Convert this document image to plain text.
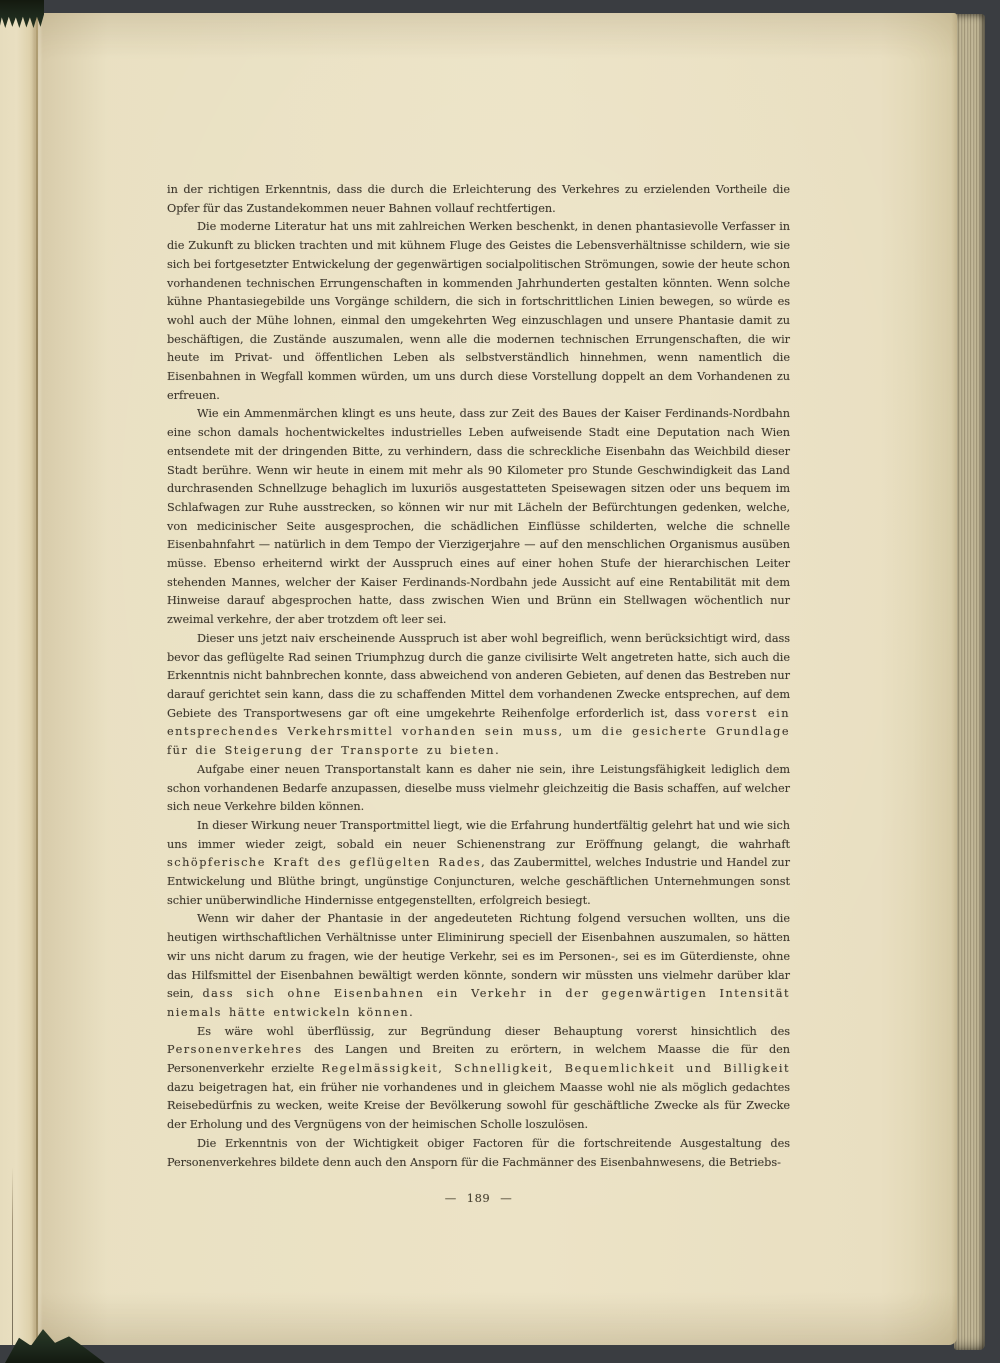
in der richtigen Erkenntnis, dass die durch die Erleichterung des Verkehres zu erzielenden Vortheile die Opfer für das Zustandekommen neuer Bahnen vollauf rechtfertigen.

Die moderne Literatur hat uns mit zahlreichen Werken beschenkt, in denen phantasievolle Verfasser in die Zukunft zu blicken trachten und mit kühnem Fluge des Geistes die Lebensverhältnisse schildern, wie sie sich bei fortgesetzter Entwickelung der gegenwärtigen socialpolitischen Strömungen, sowie der heute schon vorhandenen technischen Errungenschaften in kommenden Jahrhunderten gestalten könnten. Wenn solche kühne Phantasiegebilde uns Vorgänge schildern, die sich in fortschrittlichen Linien bewegen, so würde es wohl auch der Mühe lohnen, einmal den umgekehrten Weg einzuschlagen und unsere Phantasie damit zu beschäftigen, die Zustände auszumalen, wenn alle die modernen technischen Errungenschaften, die wir heute im Privat- und öffentlichen Leben als selbstverständlich hinnehmen, wenn namentlich die Eisenbahnen in Wegfall kommen würden, um uns durch diese Vorstellung doppelt an dem Vorhandenen zu erfreuen.

Wie ein Ammenmärchen klingt es uns heute, dass zur Zeit des Baues der Kaiser Ferdinands-Nordbahn eine schon damals hochentwickeltes industrielles Leben aufweisende Stadt eine Deputation nach Wien entsendete mit der dringenden Bitte, zu verhindern, dass die schreckliche Eisenbahn das Weichbild dieser Stadt berühre. Wenn wir heute in einem mit mehr als 90 Kilometer pro Stunde Geschwindigkeit das Land durchrasenden Schnellzuge behaglich im luxuriös ausgestatteten Speisewagen sitzen oder uns bequem im Schlafwagen zur Ruhe ausstrecken, so können wir nur mit Lächeln der Befürchtungen gedenken, welche, von medicinischer Seite ausgesprochen, die schädlichen Einflüsse schilderten, welche die schnelle Eisenbahnfahrt — natürlich in dem Tempo der Vierzigerjahre — auf den menschlichen Organismus ausüben müsse. Ebenso erheiternd wirkt der Ausspruch eines auf einer hohen Stufe der hierarchischen Leiter stehenden Mannes, welcher der Kaiser Ferdinands-Nordbahn jede Aussicht auf eine Rentabilität mit dem Hinweise darauf abgesprochen hatte, dass zwischen Wien und Brünn ein Stellwagen wöchentlich nur zweimal verkehre, der aber trotzdem oft leer sei.

Dieser uns jetzt naiv erscheinende Ausspruch ist aber wohl begreiflich, wenn berücksichtigt wird, dass bevor das geflügelte Rad seinen Triumphzug durch die ganze civilisirte Welt angetreten hatte, sich auch die Erkenntnis nicht bahnbrechen konnte, dass abweichend von anderen Gebieten, auf denen das Bestreben nur darauf gerichtet sein kann, dass die zu schaffenden Mittel dem vorhandenen Zwecke entsprechen, auf dem Gebiete des Transportwesens gar oft eine umgekehrte Reihenfolge erforderlich ist, dass vorerst ein entsprechendes Verkehrsmittel vorhanden sein muss, um die gesicherte Grundlage für die Steigerung der Transporte zu bieten.

Aufgabe einer neuen Transportanstalt kann es daher nie sein, ihre Leistungsfähigkeit lediglich dem schon vorhandenen Bedarfe anzupassen, dieselbe muss vielmehr gleichzeitig die Basis schaffen, auf welcher sich neue Verkehre bilden können.

In dieser Wirkung neuer Transportmittel liegt, wie die Erfahrung hundertfältig gelehrt hat und wie sich uns immer wieder zeigt, sobald ein neuer Schienenstrang zur Eröffnung gelangt, die wahrhaft schöpferische Kraft des geflügelten Rades, das Zaubermittel, welches Industrie und Handel zur Entwickelung und Blüthe bringt, ungünstige Conjuncturen, welche geschäftlichen Unternehmungen sonst schier unüberwindliche Hindernisse entgegenstellten, erfolgreich besiegt.

Wenn wir daher der Phantasie in der angedeuteten Richtung folgend versuchen wollten, uns die heutigen wirthschaftlichen Verhältnisse unter Eliminirung speciell der Eisenbahnen auszumalen, so hätten wir uns nicht darum zu fragen, wie der heutige Verkehr, sei es im Personen-, sei es im Güterdienste, ohne das Hilfsmittel der Eisenbahnen bewältigt werden könnte, sondern wir müssten uns vielmehr darüber klar sein, dass sich ohne Eisenbahnen ein Verkehr in der gegenwärtigen Intensität niemals hätte entwickeln können.

Es wäre wohl überflüssig, zur Begründung dieser Behauptung vorerst hinsichtlich des Personenverkehres des Langen und Breiten zu erörtern, in welchem Maasse die für den Personenverkehr erzielte Regelmässigkeit, Schnelligkeit, Bequemlichkeit und Billigkeit dazu beigetragen hat, ein früher nie vorhandenes und in gleichem Maasse wohl nie als möglich gedachtes Reisebedürfnis zu wecken, weite Kreise der Bevölkerung sowohl für geschäftliche Zwecke als für Zwecke der Erholung und des Vergnügens von der heimischen Scholle loszulösen.

Die Erkenntnis von der Wichtigkeit obiger Factoren für die fortschreitende Ausgestaltung des Personenverkehres bildete denn auch den Ansporn für die Fachmänner des Eisenbahnwesens, die Betriebs-

— 189 —
